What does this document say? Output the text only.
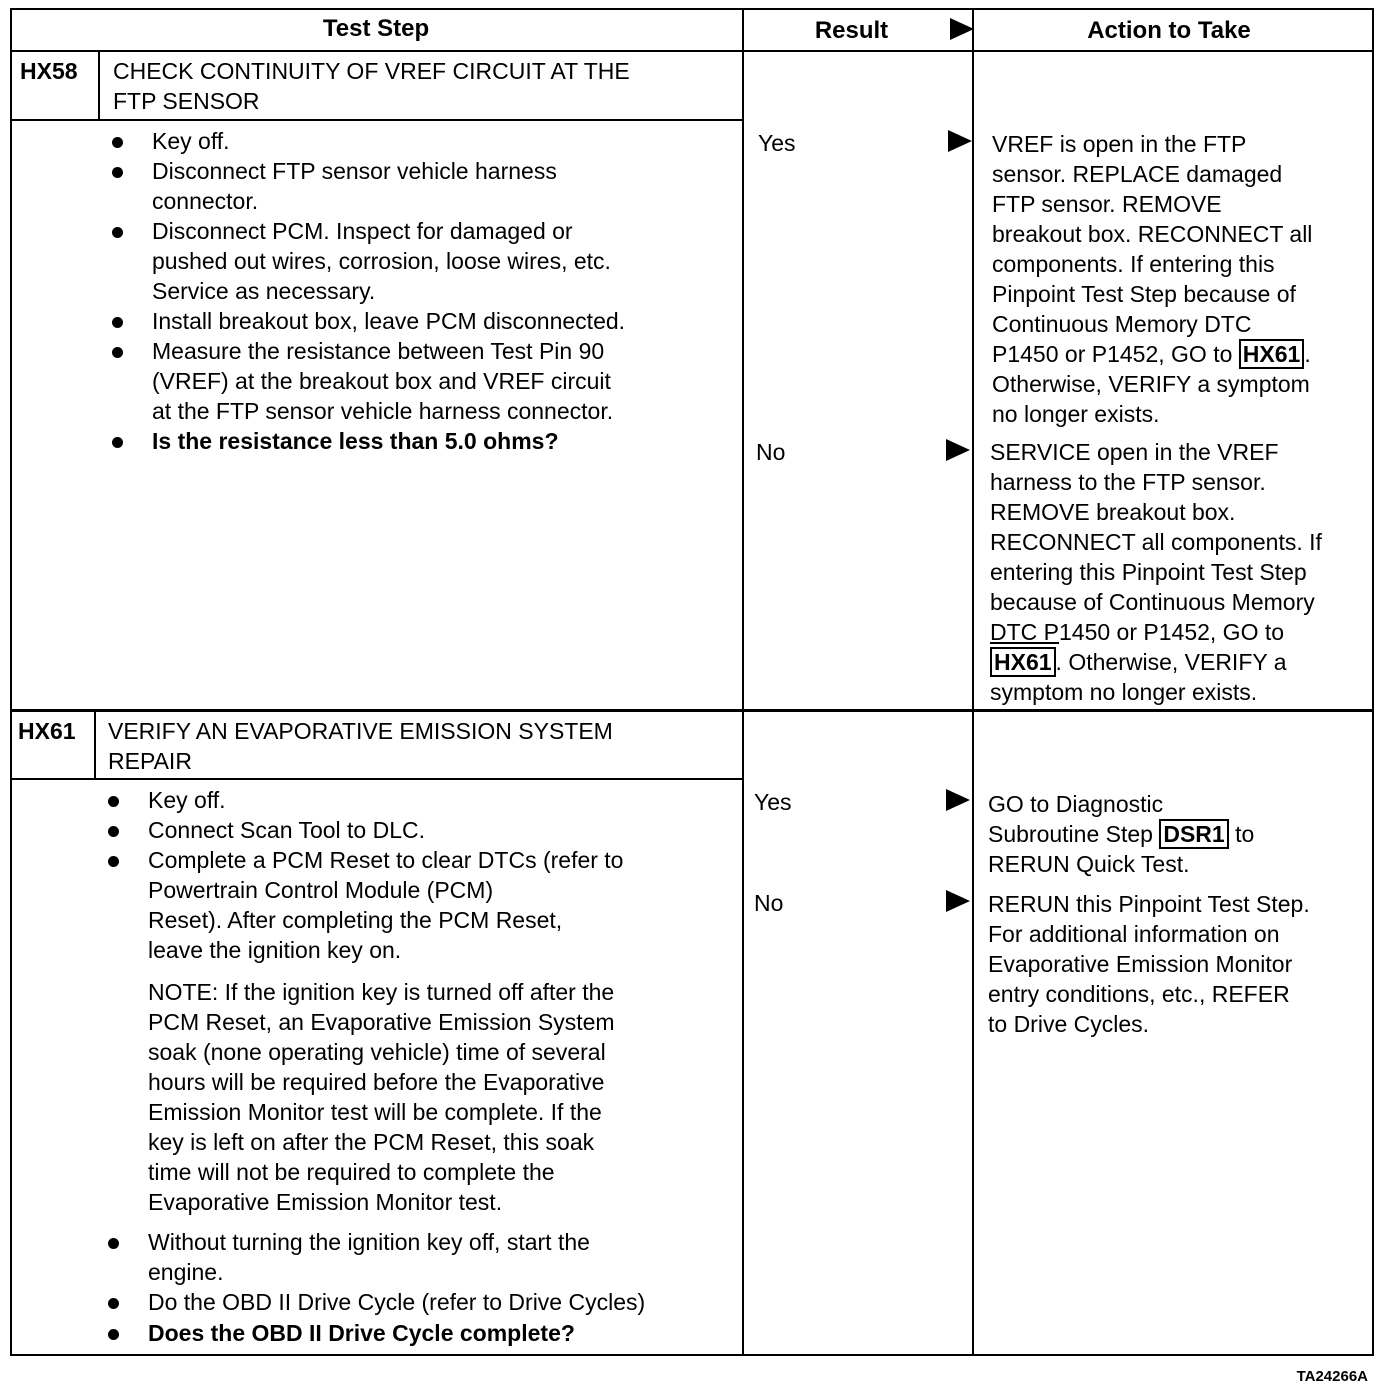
Test Step	Result	Action to Take
HX58 CHECK CONTINUITY OF VREF CIRCUIT AT THE
FTP SENSOR
Key off.
Disconnect FTP sensor vehicle harness
connector.
Disconnect PCM. Inspect for damaged or
pushed out wires, corrosion, loose wires, etc.
Service as necessary.
Install breakout box, leave PCM disconnected.
Measure the resistance between Test Pin 90
(VREF) at the breakout box and VREF circuit
at the FTP sensor vehicle harness connector.
Is the resistance less than 5.0 ohms?
Yes
No
VREF is open in the FTP
sensor. REPLACE damaged
FTP sensor. REMOVE
breakout box. RECONNECT all
components. If entering this
Pinpoint Test Step because of
Continuous Memory DTC
P1450 or P1452, GO to HX61 .
Otherwise, VERIFY a symptom
no longer exists.
SERVICE open in the VREF
harness to the FTP sensor.
REMOVE breakout box.
RECONNECT all components. If
entering this Pinpoint Test Step
because of Continuous Memory
DTC P1450 or P1452, GO to
HX61 . Otherwise, VERIFY a
symptom no longer exists.
HX61 VERIFY AN EVAPORATIVE EMISSION SYSTEM
REPAIR
Key off.
Connect Scan Tool to DLC.
Complete a PCM Reset to clear DTCs (refer to
Powertrain Control Module (PCM)
Reset). After completing the PCM Reset,
leave the ignition key on.
NOTE: If the ignition key is turned off after the
PCM Reset, an Evaporative Emission System
soak (none operating vehicle) time of several
hours will be required before the Evaporative
Emission Monitor test will be complete. If the
key is left on after the PCM Reset, this soak
time will not be required to complete the
Evaporative Emission Monitor test.
Without turning the ignition key off, start the
engine.
Do the OBD II Drive Cycle (refer to Drive Cycles)
Does the OBD II Drive Cycle complete?
Yes
No
GO to Diagnostic
Subroutine Step DSR1 to
RERUN Quick Test.
RERUN this Pinpoint Test Step.
For additional information on
Evaporative Emission Monitor
entry conditions, etc., REFER
to Drive Cycles.
TA24266A
